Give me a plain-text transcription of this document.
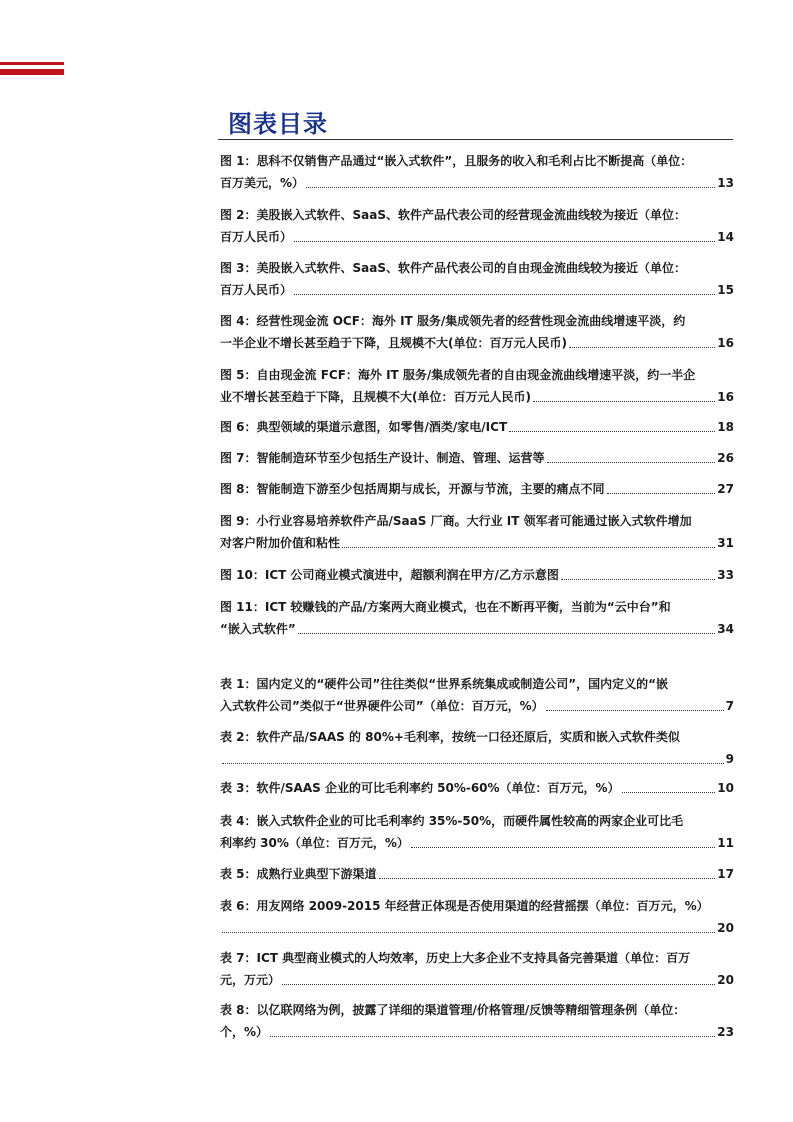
图表目录
图 1：思科不仅销售产品通过“嵌入式软件”，且服务的收入和毛利占比不断提高（单位：
百万美元，%）	13
图 2：美股嵌入式软件、SaaS、软件产品代表公司的经营现金流曲线较为接近（单位：
百万人民币）	14
图 3：美股嵌入式软件、SaaS、软件产品代表公司的自由现金流曲线较为接近（单位：
百万人民币）	15
图 4：经营性现金流 OCF：海外 IT 服务/集成领先者的经营性现金流曲线增速平淡，约
一半企业不增长甚至趋于下降，且规模不大(单位：百万元人民币)	16
图 5：自由现金流 FCF：海外 IT 服务/集成领先者的自由现金流曲线增速平淡，约一半企
业不增长甚至趋于下降，且规模不大(单位：百万元人民币)	16
图 6：典型领域的渠道示意图，如零售/酒类/家电/ICT	18
图 7：智能制造环节至少包括生产设计、制造、管理、运营等	26
图 8：智能制造下游至少包括周期与成长，开源与节流，主要的痛点不同	27
图 9：小行业容易培养软件产品/SaaS 厂商。大行业 IT 领军者可能通过嵌入式软件增加
对客户附加价值和粘性	31
图 10：ICT 公司商业模式演进中，超额利润在甲方/乙方示意图	33
图 11：ICT 较赚钱的产品/方案两大商业模式，也在不断再平衡，当前为“云中台”和
“嵌入式软件”	34
表 1：国内定义的“硬件公司”往往类似“世界系统集成或制造公司”，国内定义的“嵌
入式软件公司”类似于“世界硬件公司”（单位：百万元，%）	7
表 2：软件产品/SAAS 的 80%+毛利率，按统一口径还原后，实质和嵌入式软件类似
9
表 3：软件/SAAS 企业的可比毛利率约 50%-60%（单位：百万元，%）	10
表 4：嵌入式软件企业的可比毛利率约 35%-50%，而硬件属性较高的两家企业可比毛
利率约 30%（单位：百万元，%）	11
表 5：成熟行业典型下游渠道	17
表 6：用友网络 2009-2015 年经营正体现是否使用渠道的经营摇摆（单位：百万元，%）
20
表 7：ICT 典型商业模式的人均效率，历史上大多企业不支持具备完善渠道（单位：百万
元，万元）	20
表 8：以亿联网络为例，披露了详细的渠道管理/价格管理/反馈等精细管理条例（单位：
个，%）	23
